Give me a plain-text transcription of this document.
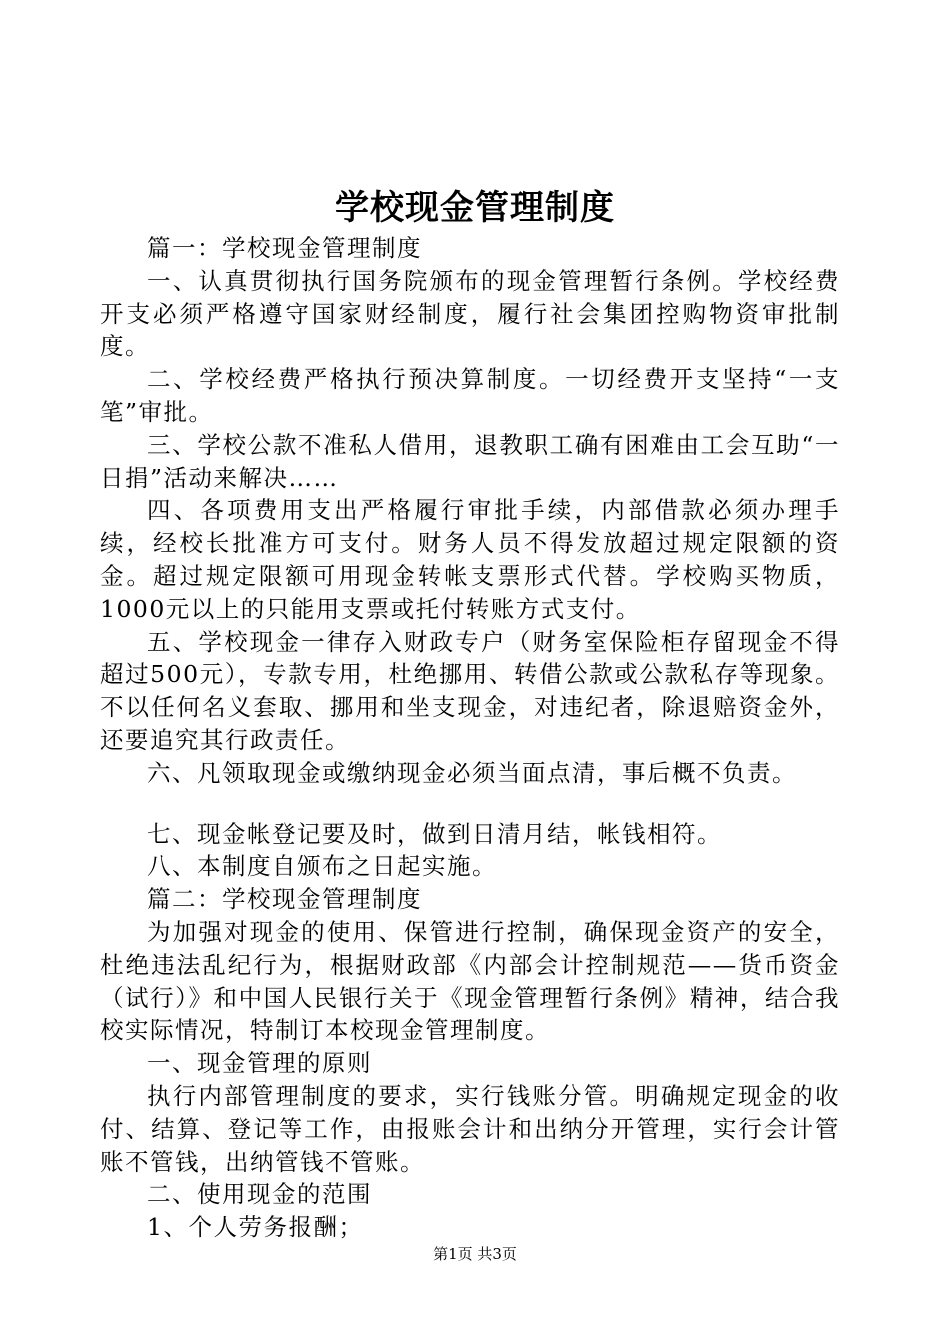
学校现金管理制度

篇一：学校现金管理制度

一、认真贯彻执行国务院颁布的现金管理暂行条例。学校经费开支必须严格遵守国家财经制度，履行社会集团控购物资审批制度。

二、学校经费严格执行预决算制度。一切经费开支坚持“一支笔”审批。

三、学校公款不准私人借用，退教职工确有困难由工会互助“一日捐”活动来解决……

四、各项费用支出严格履行审批手续，内部借款必须办理手续，经校长批准方可支付。财务人员不得发放超过规定限额的资金。超过规定限额可用现金转帐支票形式代替。学校购买物质，1000元以上的只能用支票或托付转账方式支付。

五、学校现金一律存入财政专户（财务室保险柜存留现金不得超过500元），专款专用，杜绝挪用、转借公款或公款私存等现象。不以任何名义套取、挪用和坐支现金，对违纪者，除退赔资金外，还要追究其行政责任。

六、凡领取现金或缴纳现金必须当面点清，事后概不负责。

七、现金帐登记要及时，做到日清月结，帐钱相符。

八、本制度自颁布之日起实施。

篇二：学校现金管理制度

为加强对现金的使用、保管进行控制，确保现金资产的安全，杜绝违法乱纪行为，根据财政部《内部会计控制规范——货币资金（试行）》和中国人民银行关于《现金管理暂行条例》精神，结合我校实际情况，特制订本校现金管理制度。

一、现金管理的原则

执行内部管理制度的要求，实行钱账分管。明确规定现金的收付、结算、登记等工作，由报账会计和出纳分开管理，实行会计管账不管钱，出纳管钱不管账。

二、使用现金的范围

1、个人劳务报酬；

第1页 共3页
